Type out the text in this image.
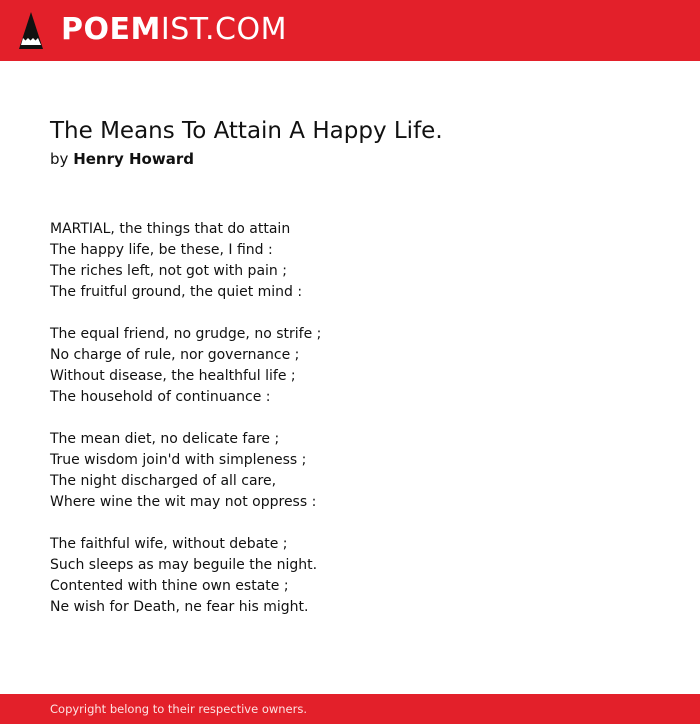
POEMIST.COM
The Means To Attain A Happy Life.
by Henry Howard
MARTIAL, the things that do attain
The happy life, be these, I find :
The riches left, not got with pain ;
The fruitful ground, the quiet mind :
The equal friend, no grudge, no strife ;
No charge of rule, nor governance ;
Without disease, the healthful life ;
The household of continuance :
The mean diet, no delicate fare ;
True wisdom join'd with simpleness ;
The night discharged of all care,
Where wine the wit may not oppress :
The faithful wife, without debate ;
Such sleeps as may beguile the night.
Contented with thine own estate ;
Ne wish for Death, ne fear his might.
Copyright belong to their respective owners.
